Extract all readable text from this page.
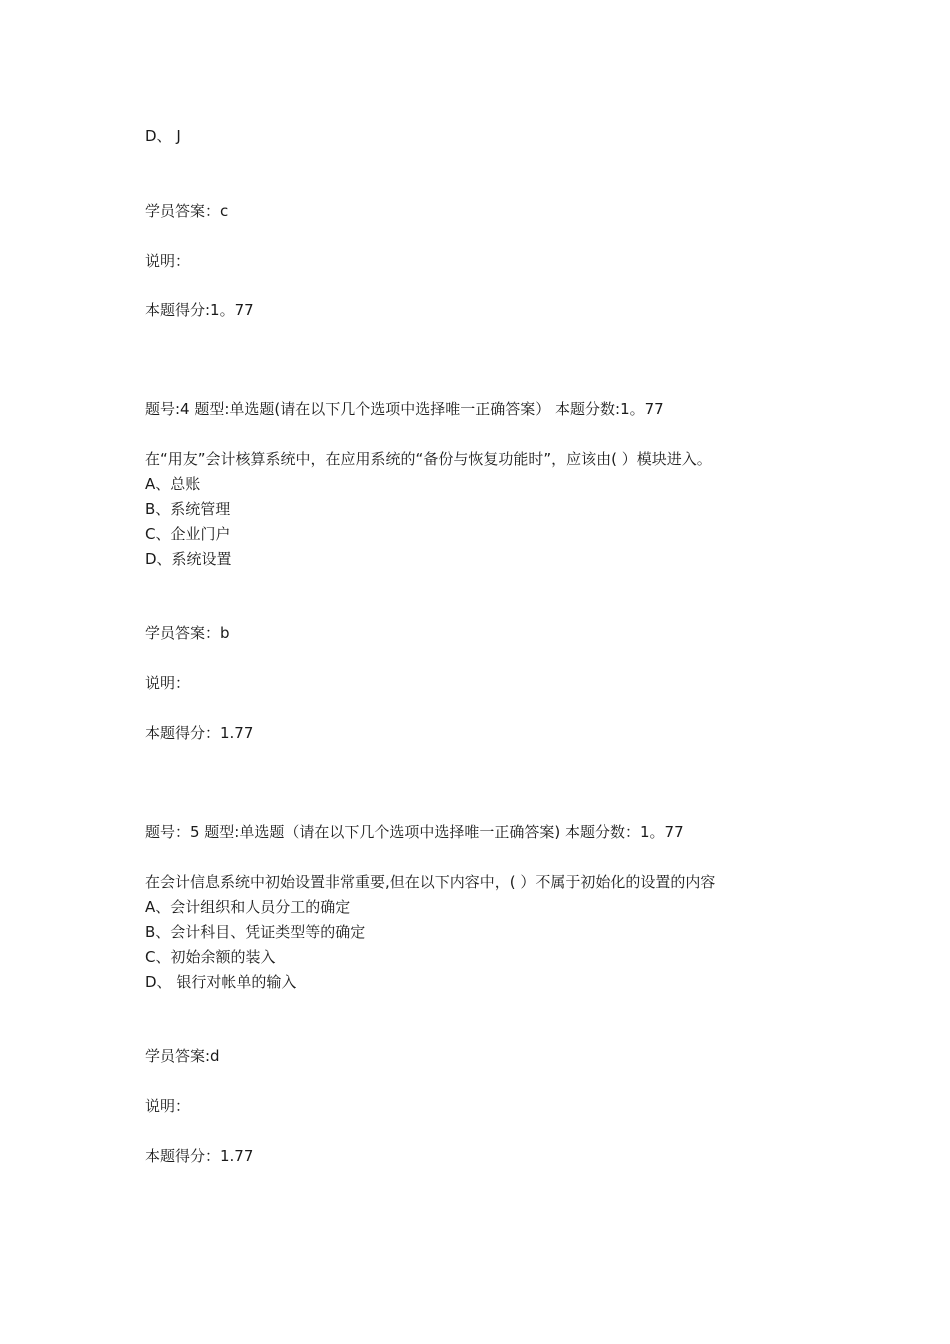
D、 J
学员答案：c
说明：
本题得分:1。77
题号:4 题型:单选题(请在以下几个选项中选择唯一正确答案） 本题分数:1。77
在“用友”会计核算系统中，在应用系统的“备份与恢复功能时”，应该由( ）模块进入。
A、总账
B、系统管理
C、企业门户
D、系统设置
学员答案：b
说明：
本题得分：1.77
题号：5 题型:单选题（请在以下几个选项中选择唯一正确答案) 本题分数：1。77
在会计信息系统中初始设置非常重要,但在以下内容中，( ）不属于初始化的设置的内容
A、会计组织和人员分工的确定
B、会计科目、凭证类型等的确定
C、初始余额的装入
D、 银行对帐单的输入
学员答案:d
说明：
本题得分：1.77
